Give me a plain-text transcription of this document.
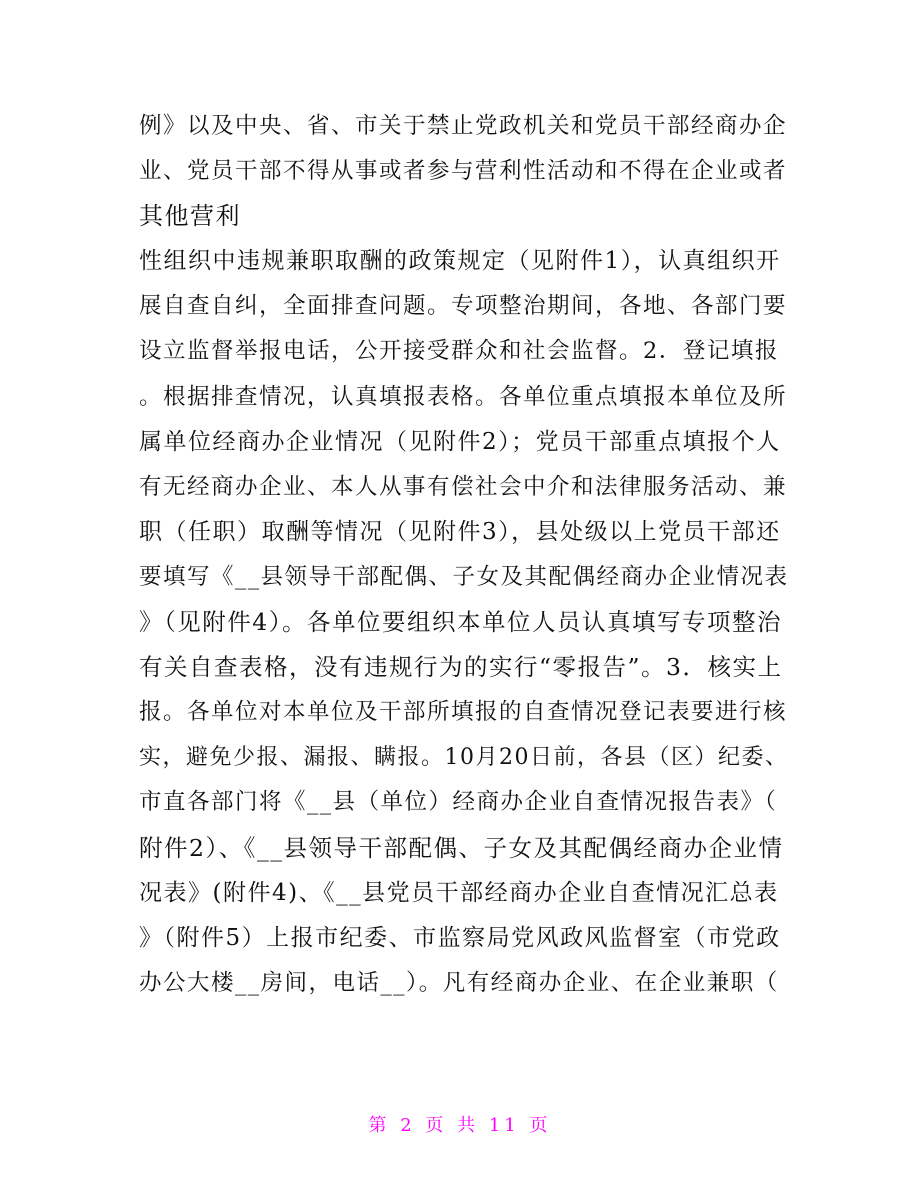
例》以及中央、省、市关于禁止党政机关和党员干部经商办企
业、党员干部不得从事或者参与营利性活动和不得在企业或者
其他营利
性组织中违规兼职取酬的政策规定（见附件1），认真组织开
展自查自纠，全面排查问题。专项整治期间，各地、各部门要
设立监督举报电话，公开接受群众和社会监督。2．登记填报
。根据排查情况，认真填报表格。各单位重点填报本单位及所
属单位经商办企业情况（见附件2）；党员干部重点填报个人
有无经商办企业、本人从事有偿社会中介和法律服务活动、兼
职（任职）取酬等情况（见附件3），县处级以上党员干部还
要填写《__县领导干部配偶、子女及其配偶经商办企业情况表
》（见附件4）。各单位要组织本单位人员认真填写专项整治
有关自查表格，没有违规行为的实行“零报告”。3．核实上
报。各单位对本单位及干部所填报的自查情况登记表要进行核
实，避免少报、漏报、瞒报。10月20日前，各县（区）纪委、
市直各部门将《__县（单位）经商办企业自查情况报告表》（
附件2）、《__县领导干部配偶、子女及其配偶经商办企业情
况表》(附件4)、《__县党员干部经商办企业自查情况汇总表
》（附件5）上报市纪委、市监察局党风政风监督室（市党政
办公大楼__房间，电话__）。凡有经商办企业、在企业兼职（
第 2 页 共 11 页
